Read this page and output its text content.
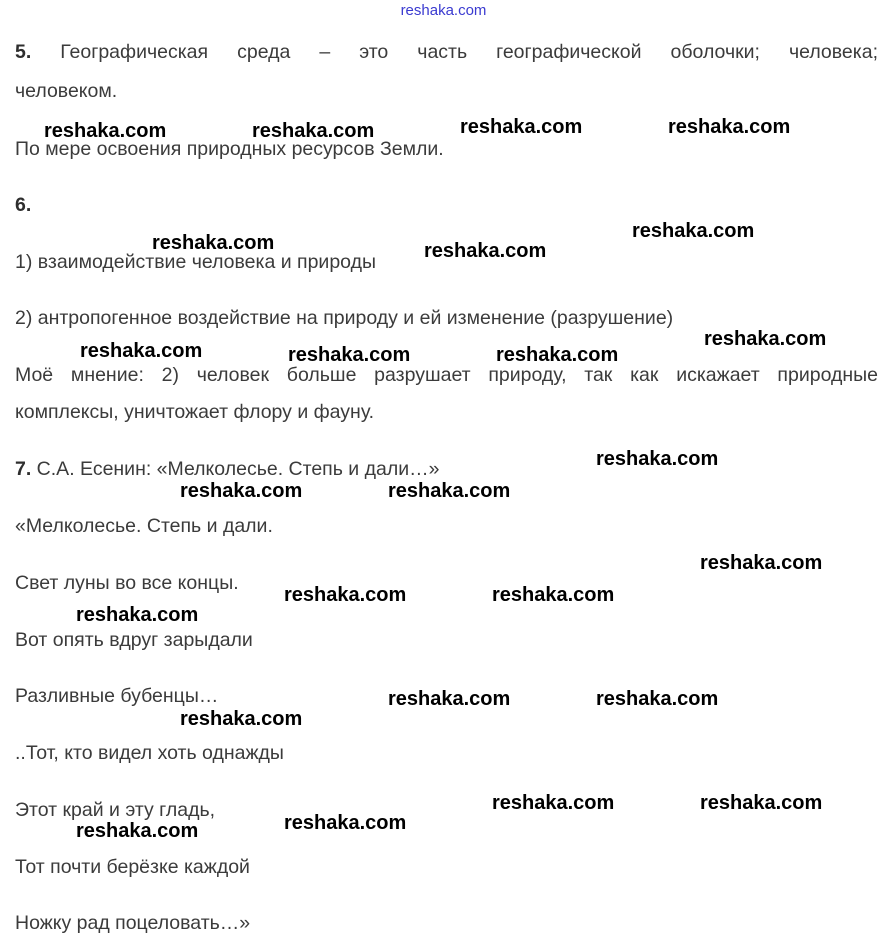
reshaka.com
5. Географическая среда – это часть географической оболочки; человека;
человеком.
По мере освоения природных ресурсов Земли.
6.
1) взаимодействие человека и природы
2) антропогенное воздействие на природу и ей изменение (разрушение)
Моё мнение: 2) человек больше разрушает природу, так как искажает природные
комплексы, уничтожает флору и фауну.
7. С.А. Есенин: «Мелколесье. Степь и дали…»
«Мелколесье. Степь и дали.
Свет луны во все концы.
Вот опять вдруг зарыдали
Разливные бубенцы…
..Тот, кто видел хоть однажды
Этот край и эту гладь,
Тот почти берёзке каждой
Ножку рад поцеловать…»
reshaka.com	reshaka.com	reshaka.com	reshaka.com
reshaka.com	reshaka.com
reshaka.com
reshaka.com	reshaka.com	reshaka.com
reshaka.com
reshaka.com
reshaka.com	reshaka.com
reshaka.com
reshaka.com	reshaka.com
reshaka.com
reshaka.com	reshaka.com
reshaka.com
reshaka.com	reshaka.com
reshaka.com
reshaka.com
